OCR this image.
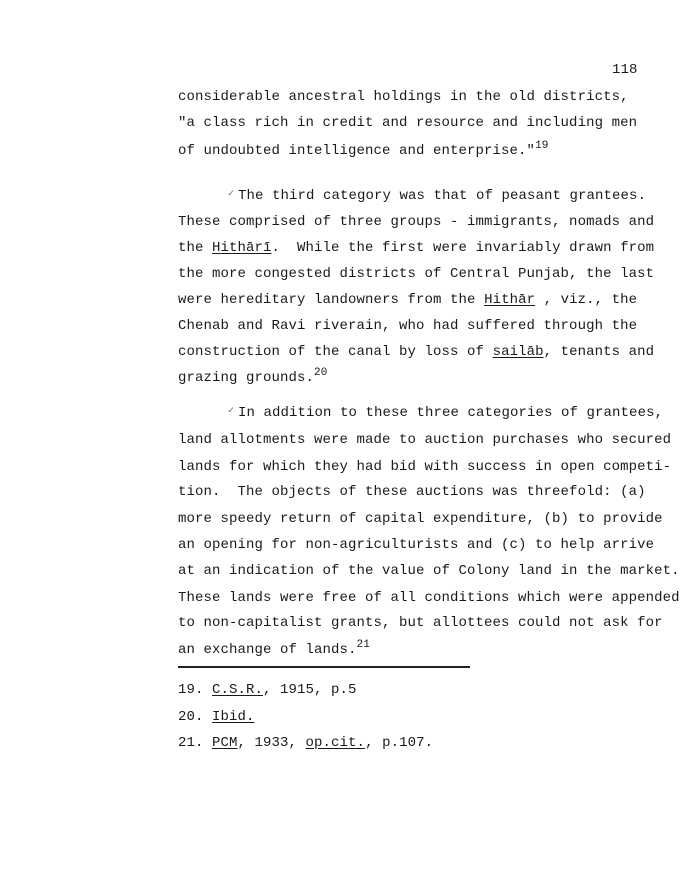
118
considerable ancestral holdings in the old districts,
"a class rich in credit and resource and including men
of undoubted intelligence and enterprise."$^{19}$
The third category was that of peasant grantees.
These comprised of three groups - immigrants, nomads and
the Hithārī.  While the first were invariably drawn from
the more congested districts of Central Punjab, the last
were hereditary landowners from the Hithār , viz., the
Chenab and Ravi riverain, who had suffered through the
construction of the canal by loss of sailāb, tenants and
grazing grounds.$^{20}$
In addition to these three categories of grantees,
land allotments were made to auction purchases who secured
lands for which they had bid with success in open competi-
tion.  The objects of these auctions was threefold: (a)
more speedy return of capital expenditure, (b) to provide
an opening for non-agriculturists and (c) to help arrive
at an indication of the value of Colony land in the market.
These lands were free of all conditions which were appended
to non-capitalist grants, but allottees could not ask for
an exchange of lands.$^{21}$
19. C.S.R., 1915, p.5
20. Ibid.
21. PCM, 1933, op.cit., p.107.
✓
✓
